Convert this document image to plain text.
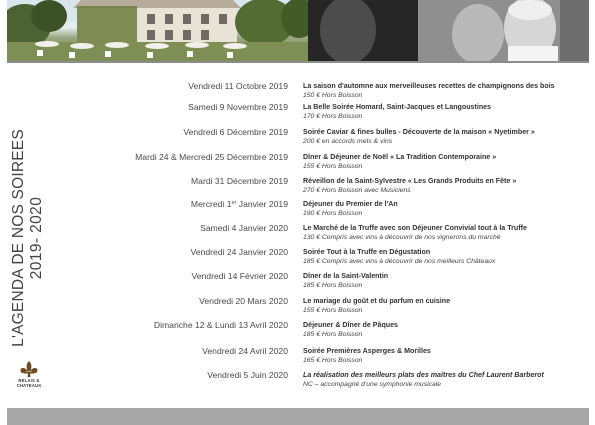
L'AGENDA DE NOS SOIREES 2019- 2020
RELAIS &
CHATEAUX
Vendredi 11 Octobre 2019 La saison d'automne aux merveilleuses recettes de champignons des bois
150 € Hors Boisson
Samedi 9 Novembre 2019 La Belle Soirée Homard, Saint-Jacques et Langoustines
170 € Hors Boisson
Vendredi 6 Décembre 2019 Soirée Caviar & fines bulles - Découverte de la maison « Nyetimber »
200 € en accords mets & vins
Mardi 24 & Mercredi 25 Décembre 2019 Dîner & Déjeuner de Noël « La Tradition Contemporaine »
155 € Hors Boisson
Mardi 31 Décembre 2019 Réveillon de la Saint-Sylvestre « Les Grands Produits en Fête »
270 € Hors Boisson avec Musiciens
Mercredi 1er Janvier 2019 Déjeuner du Premier de l'An
190 € Hors Boisson
Samedi 4 Janvier 2020 Le Marché de la Truffe avec son Déjeuner Convivial tout à la Truffe
130 € Compris avec vins à découvrir de nos vignerons du marché
Vendredi 24 Janvier 2020 Soirée Tout à la Truffe en Dégustation
185 € Compris avec vins à découvrir de nos meilleurs Châteaux
Vendredi 14 Février 2020 Dîner de la Saint-Valentin
185 € Hors Boisson
Vendredi 20 Mars 2020 Le mariage du goût et du parfum en cuisine
155 € Hors Boisson
Dimanche 12 & Lundi 13 Avril 2020 Déjeuner & Dîner de Pâques
185 € Hors Boisson
Vendredi 24 Avril 2020 Soirée Premières Asperges & Morilles
165 € Hors Boisson
Vendredi 5 Juin 2020 La réalisation des meilleurs plats des maîtres du Chef Laurent Barberot
NC – accompagné d'une symphonie musicale
